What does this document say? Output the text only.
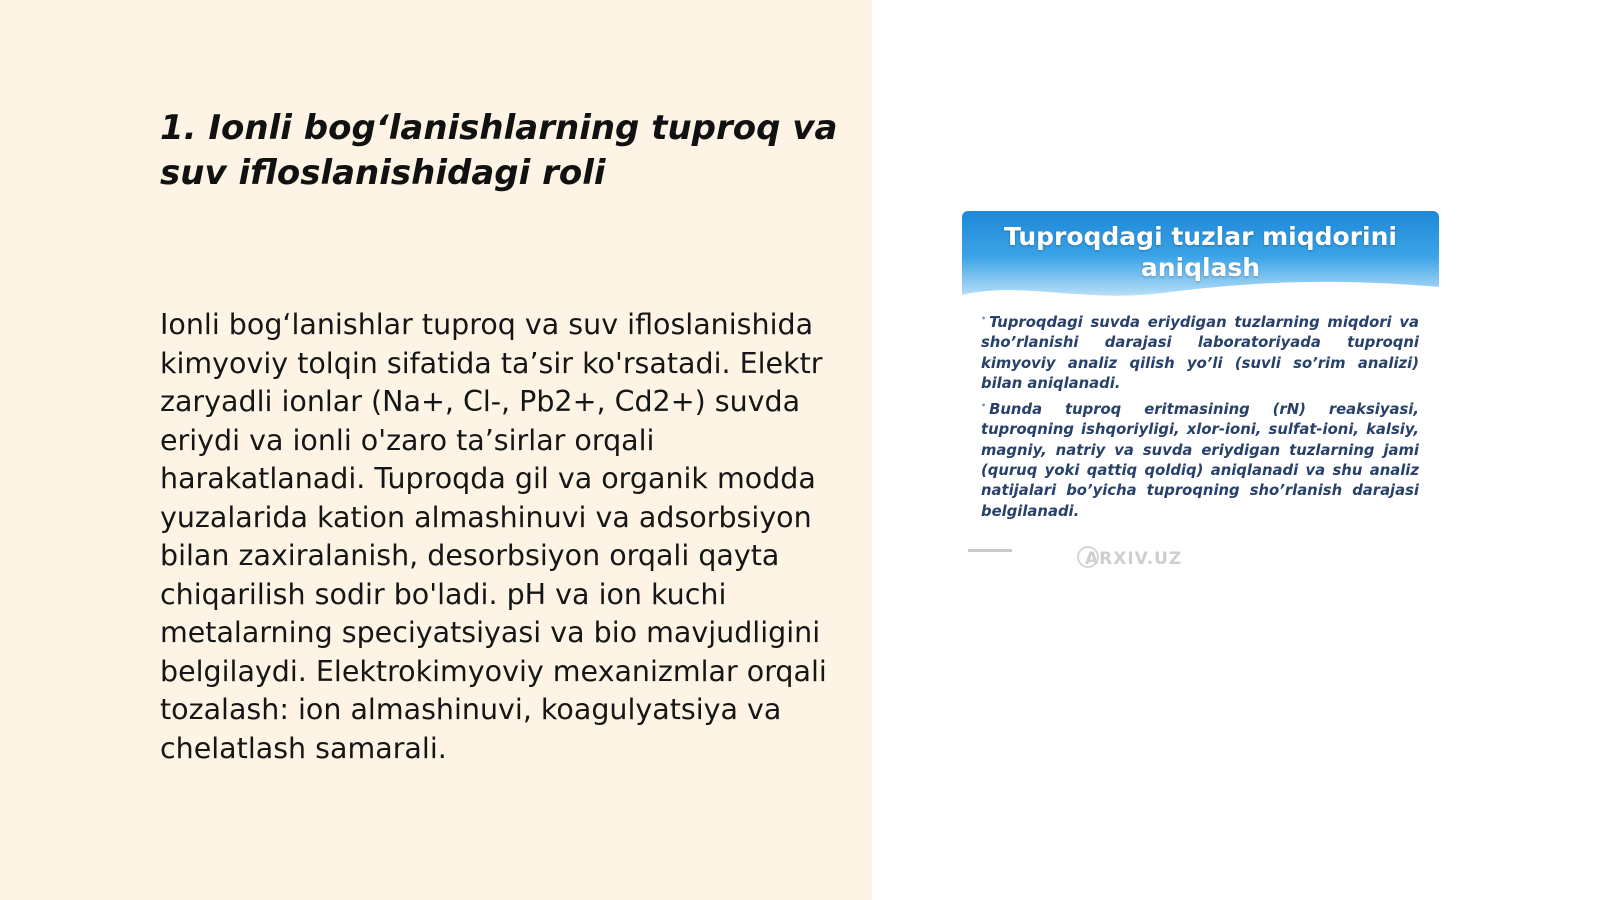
1. Ionli bog‘lanishlarning tuproq va suv ifloslanishidagi roli

Ionli bog‘lanishlar tuproq va suv ifloslanishida kimyoviy tolqin sifatida ta’sir ko'rsatadi. Elektr zaryadli ionlar (Na+, Cl-, Pb2+, Cd2+) suvda eriydi va ionli o'zaro ta’sirlar orqali harakatlanadi. Tuproqda gil va organik modda yuzalarida kation almashinuvi va adsorbsiyon bilan zaxiralanish, desorbsiyon orqali qayta chiqarilish sodir bo'ladi. pH va ion kuchi metalarning speciyatsiyasi va bio mavjudligini belgilaydi. Elektrokimyoviy mexanizmlar orqali tozalash: ion almashinuvi, koagulyatsiya va chelatlash samarali.

Tuproqdagi tuzlar miqdorini aniqlash

• Tuproqdagi suvda eriydigan tuzlarning miqdori va sho’rlanishi darajasi laboratoriyada tuproqni kimyoviy analiz qilish yo’li (suvli so’rim analizi) bilan aniqlanadi.
• Bunda tuproq eritmasining (rN) reaksiyasi, tuproqning ishqoriyligi, xlor-ioni, sulfat-ioni, kalsiy, magniy, natriy va suvda eriydigan tuzlarning jami (quruq yoki qattiq qoldiq) aniqlanadi va shu analiz natijalari bo’yicha tuproqning sho’rlanish darajasi belgilanadi.
ARXIV.UZ
